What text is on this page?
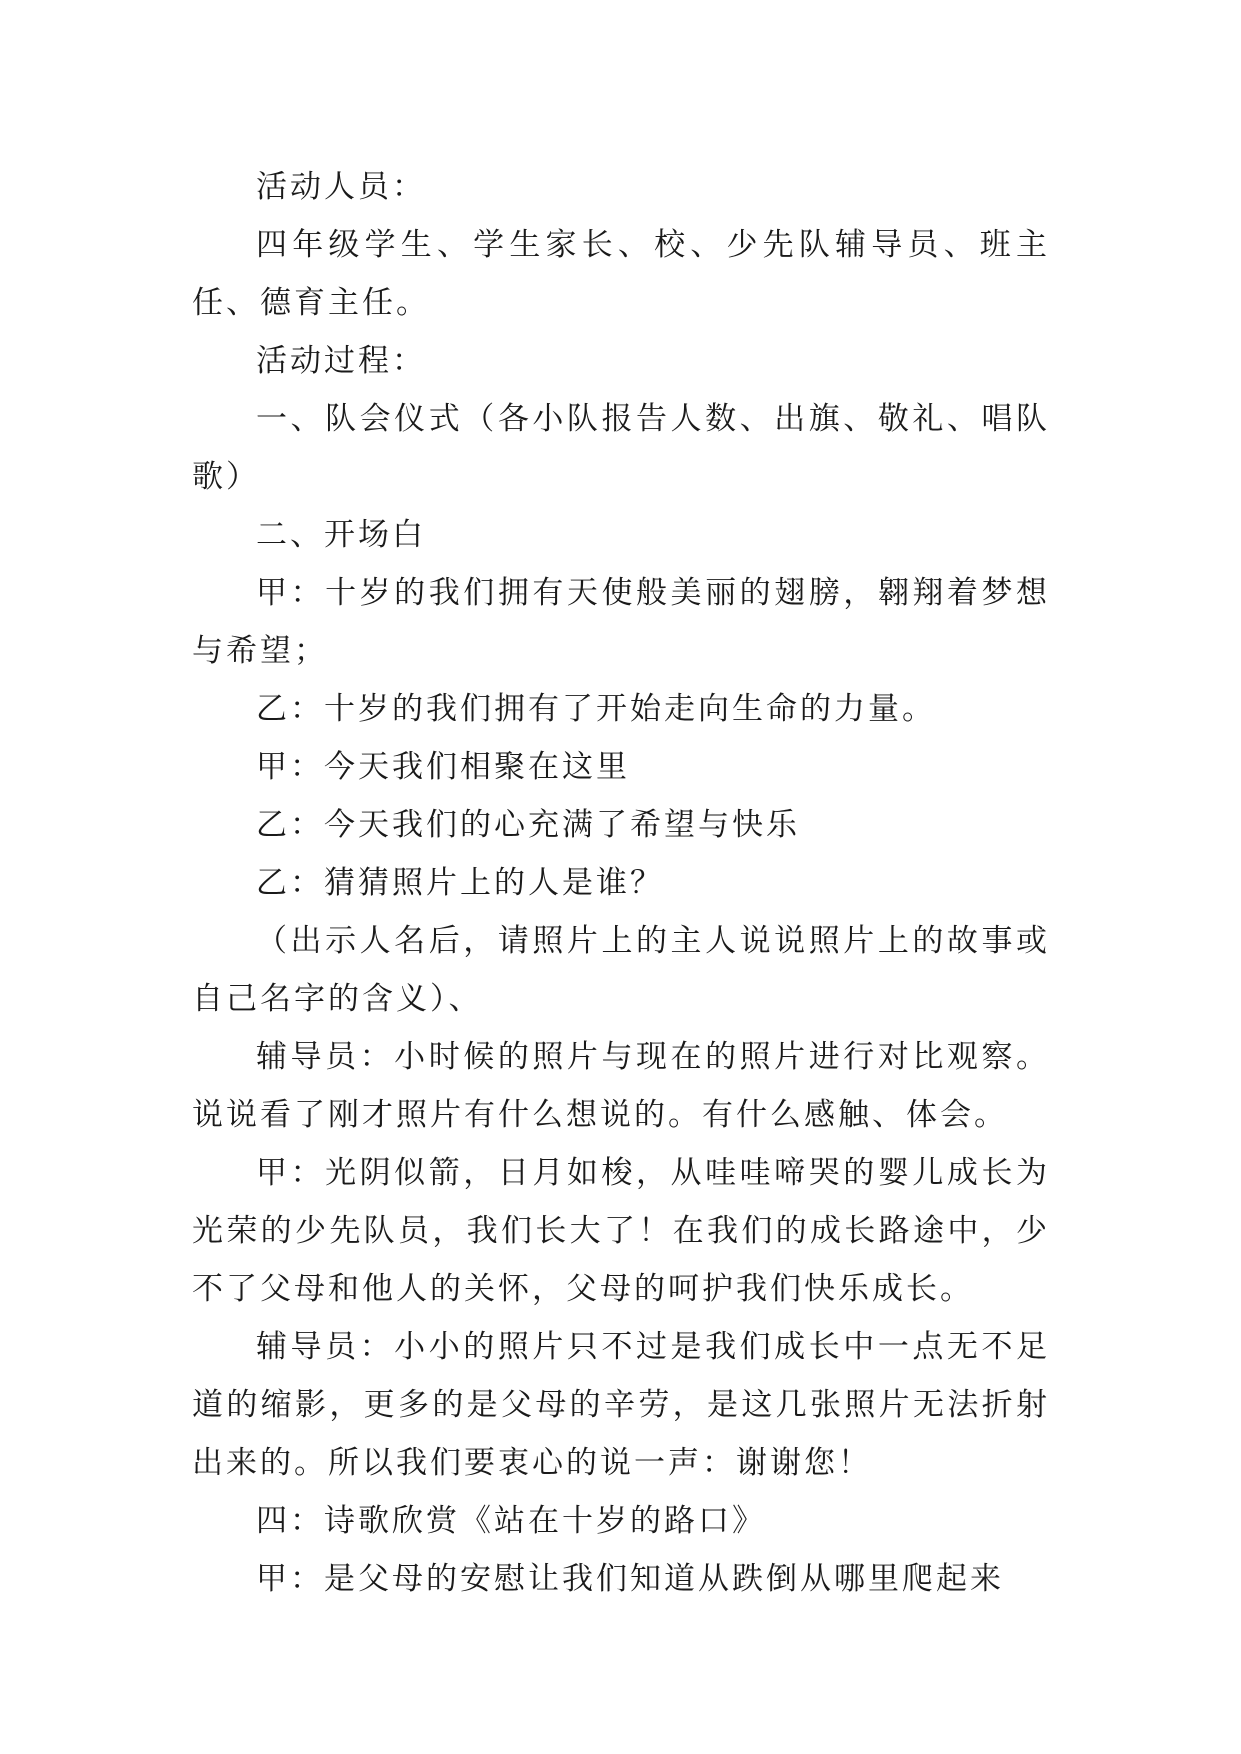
活动人员：

四年级学生、学生家长、校、少先队辅导员、班主任、德育主任。

活动过程：

一、队会仪式（各小队报告人数、出旗、敬礼、唱队歌）

二、开场白

甲：十岁的我们拥有天使般美丽的翅膀，翱翔着梦想与希望；

乙：十岁的我们拥有了开始走向生命的力量。

甲：今天我们相聚在这里

乙：今天我们的心充满了希望与快乐

乙：猜猜照片上的人是谁？

（出示人名后，请照片上的主人说说照片上的故事或自己名字的含义）、

辅导员：小时候的照片与现在的照片进行对比观察。说说看了刚才照片有什么想说的。有什么感触、体会。

甲：光阴似箭，日月如梭，从哇哇啼哭的婴儿成长为光荣的少先队员，我们长大了！在我们的成长路途中，少不了父母和他人的关怀，父母的呵护我们快乐成长。

辅导员：小小的照片只不过是我们成长中一点无不足道的缩影，更多的是父母的辛劳，是这几张照片无法折射出来的。所以我们要衷心的说一声：谢谢您！

四：诗歌欣赏《站在十岁的路口》

甲：是父母的安慰让我们知道从跌倒从哪里爬起来
